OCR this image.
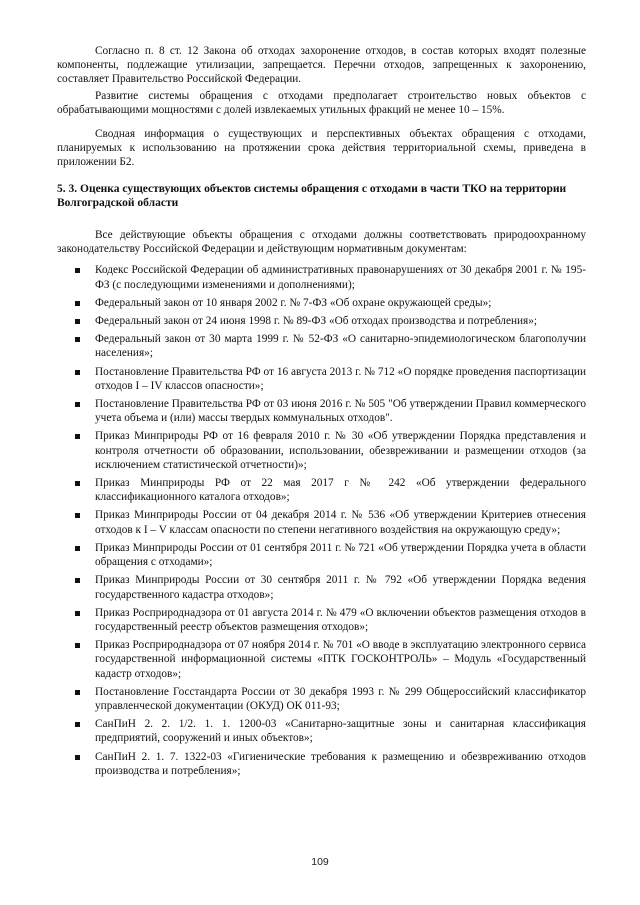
Согласно п. 8 ст. 12 Закона об отходах захоронение отходов, в состав которых входят полезные компоненты, подлежащие утилизации, запрещается. Перечни отходов, запрещенных к захоронению, составляет Правительство Российской Федерации.

Развитие системы обращения с отходами предполагает строительство новых объектов с обрабатывающими мощностями с долей извлекаемых утильных фракций не менее 10 – 15%.

Сводная информация о существующих и перспективных объектах обращения с отходами, планируемых к использованию на протяжении срока действия территориальной схемы, приведена в приложении Б2.

5. 3. Оценка существующих объектов системы обращения с отходами в части ТКО на территории Волгоградской области

Все действующие объекты обращения с отходами должны соответствовать природоохранному законодательству Российской Федерации и действующим нормативным документам:

Кодекс Российской Федерации об административных правонарушениях от 30 декабря 2001 г. № 195-ФЗ (с последующими изменениями и дополнениями);
Федеральный закон от 10 января 2002 г. № 7-ФЗ «Об охране окружающей среды»;
Федеральный закон от 24 июня 1998 г. № 89-ФЗ «Об отходах производства и потребления»;
Федеральный закон от 30 марта 1999 г. № 52-ФЗ «О санитарно-эпидемиологическом благополучии населения»;
Постановление Правительства РФ от 16 августа 2013 г. № 712 «О порядке проведения паспортизации отходов I – IV классов опасности»;
Постановление Правительства РФ от 03 июня 2016 г. № 505 "Об утверждении Правил коммерческого учета объема и (или) массы твердых коммунальных отходов".
Приказ Минприроды РФ от 16 февраля 2010 г. № 30 «Об утверждении Порядка представления и контроля отчетности об образовании, использовании, обезвреживании и размещении отходов (за исключением статистической отчетности)»;
Приказ Минприроды РФ от 22 мая 2017 г № 242 «Об утверждении федерального классификационного каталога отходов»;
Приказ Минприроды России от 04 декабря 2014 г. № 536 «Об утверждении Критериев отнесения отходов к I – V классам опасности по степени негативного воздействия на окружающую среду»;
Приказ Минприроды России от 01 сентября 2011 г. № 721 «Об утверждении Порядка учета в области обращения с отходами»;
Приказ Минприроды России от 30 сентября 2011 г. № 792 «Об утверждении Порядка ведения государственного кадастра отходов»;
Приказ Росприроднадзора от 01 августа 2014 г. № 479 «О включении объектов размещения отходов в государственный реестр объектов размещения отходов»;
Приказ Росприроднадзора от 07 ноября 2014 г. № 701 «О вводе в эксплуатацию электронного сервиса государственной информационной системы «ПТК ГОСКОНТРОЛЬ» – Модуль «Государственный кадастр отходов»;
Постановление Госстандарта России от 30 декабря 1993 г. № 299 Общероссийский классификатор управленческой документации (ОКУД) ОК 011-93;
СанПиН 2. 2. 1/2. 1. 1. 1200-03 «Санитарно-защитные зоны и санитарная классификация предприятий, сооружений и иных объектов»;
СанПиН 2. 1. 7. 1322-03 «Гигиенические требования к размещению и обезвреживанию отходов производства и потребления»;
109
